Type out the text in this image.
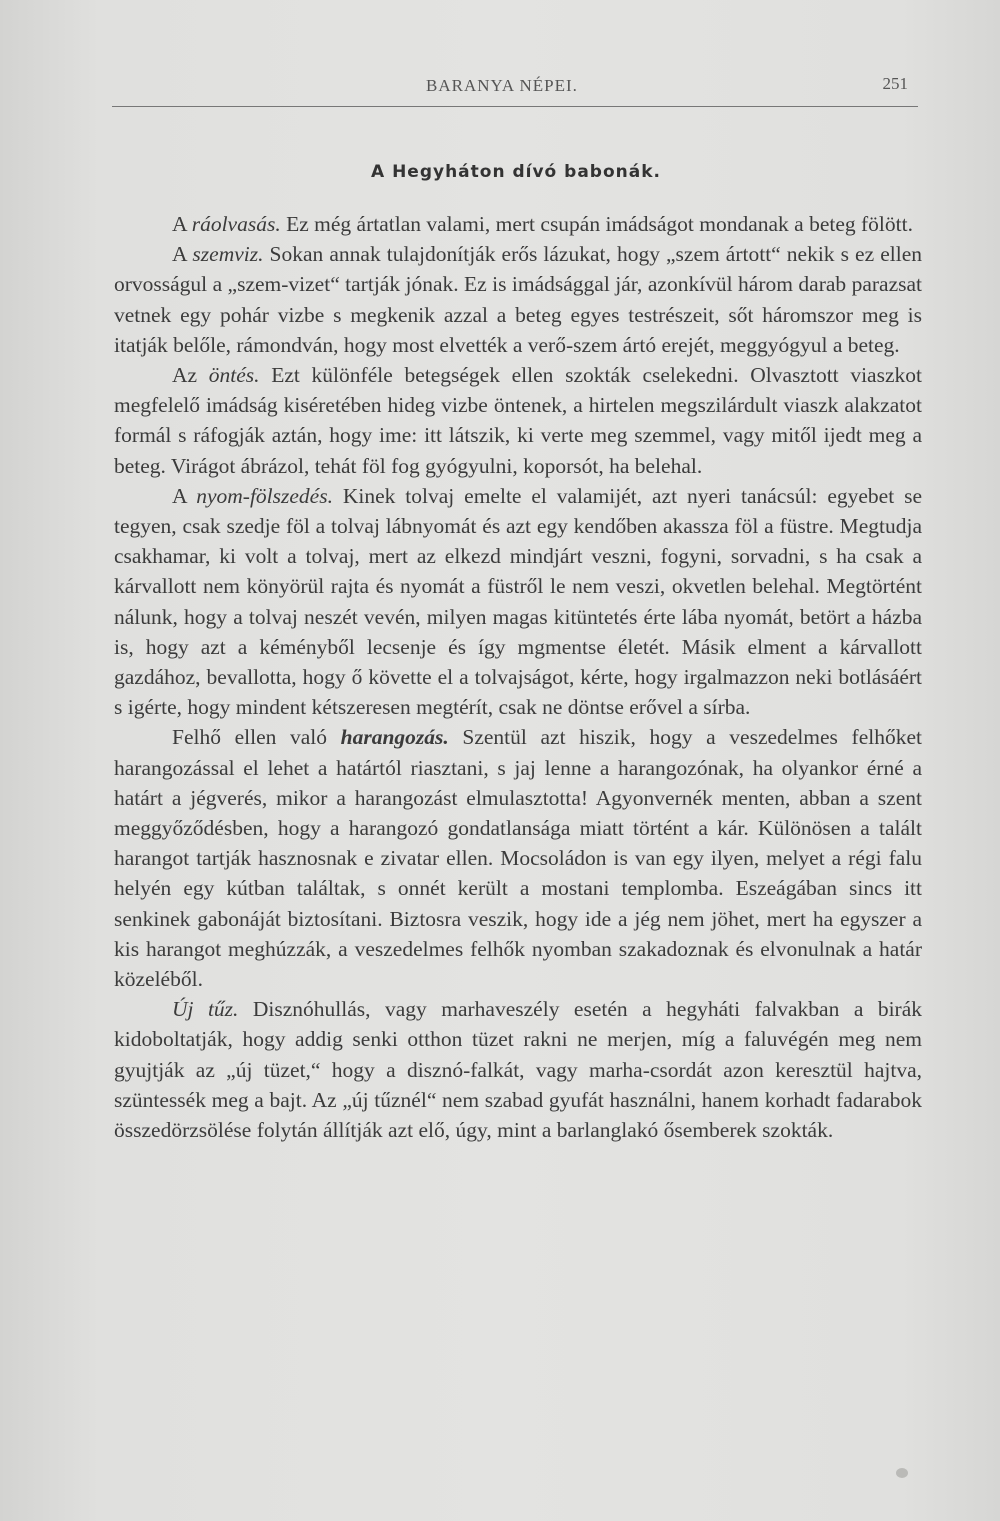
BARANYA NÉPEI.	251
A Hegyháton dívó babonák.

A ráolvasás. Ez még ártatlan valami, mert csupán imádságot mondanak a beteg fölött.

A szemviz. Sokan annak tulajdonítják erős lázukat, hogy „szem ártott“ nekik s ez ellen orvosságul a „szem-vizet“ tartják jónak. Ez is imádsággal jár, azonkívül három darab parazsat vetnek egy pohár vizbe s megkenik azzal a beteg egyes testrészeit, sőt háromszor meg is itatják belőle, rámondván, hogy most elvették a verő-szem ártó erejét, meggyógyul a beteg.

Az öntés. Ezt különféle betegségek ellen szokták cselekedni. Olvasztott viaszkot megfelelő imádság kiséretében hideg vizbe öntenek, a hirtelen megszilárdult viaszk alakzatot formál s ráfogják aztán, hogy ime: itt látszik, ki verte meg szemmel, vagy mitől ijedt meg a beteg. Virágot ábrázol, tehát föl fog gyógyulni, koporsót, ha belehal.

A nyom-fölszedés. Kinek tolvaj emelte el valamijét, azt nyeri tanácsúl: egyebet se tegyen, csak szedje föl a tolvaj lábnyomát és azt egy kendőben akassza föl a füstre. Megtudja csakhamar, ki volt a tolvaj, mert az elkezd mindjárt veszni, fogyni, sorvadni, s ha csak a kárvallott nem könyörül rajta és nyomát a füstről le nem veszi, okvetlen belehal. Megtörtént nálunk, hogy a tolvaj neszét vevén, milyen magas kitüntetés érte lába nyomát, betört a házba is, hogy azt a kéményből lecsenje és így mgmentse életét. Másik elment a kárvallott gazdához, bevallotta, hogy ő követte el a tolvajságot, kérte, hogy irgalmazzon neki botlásáért s igérte, hogy mindent kétszeresen megtérít, csak ne döntse erővel a sírba.

Felhő ellen való harangozás. Szentül azt hiszik, hogy a veszedelmes felhőket harangozással el lehet a határtól riasztani, s jaj lenne a harangozónak, ha olyankor érné a határt a jégverés, mikor a harangozást elmulasztotta! Agyonvernék menten, abban a szent meggyőződésben, hogy a harangozó gondatlansága miatt történt a kár. Különösen a talált harangot tartják hasznosnak e zivatar ellen. Mocsoládon is van egy ilyen, melyet a régi falu helyén egy kútban találtak, s onnét került a mostani templomba. Eszeágában sincs itt senkinek gabonáját biztosítani. Biztosra veszik, hogy ide a jég nem jöhet, mert ha egyszer a kis harangot meghúzzák, a veszedelmes felhők nyomban szakadoznak és elvonulnak a határ közeléből.

Új tűz. Disznóhullás, vagy marhaveszély esetén a hegyháti falvakban a birák kidoboltatják, hogy addig senki otthon tüzet rakni ne merjen, míg a faluvégén meg nem gyujtják az „új tüzet,“ hogy a disznó-falkát, vagy marha-csordát azon keresztül hajtva, szüntessék meg a bajt. Az „új tűznél“ nem szabad gyufát használni, hanem korhadt fadarabok összedörzsölése folytán állítják azt elő, úgy, mint a barlanglakó ősemberek szokták.
